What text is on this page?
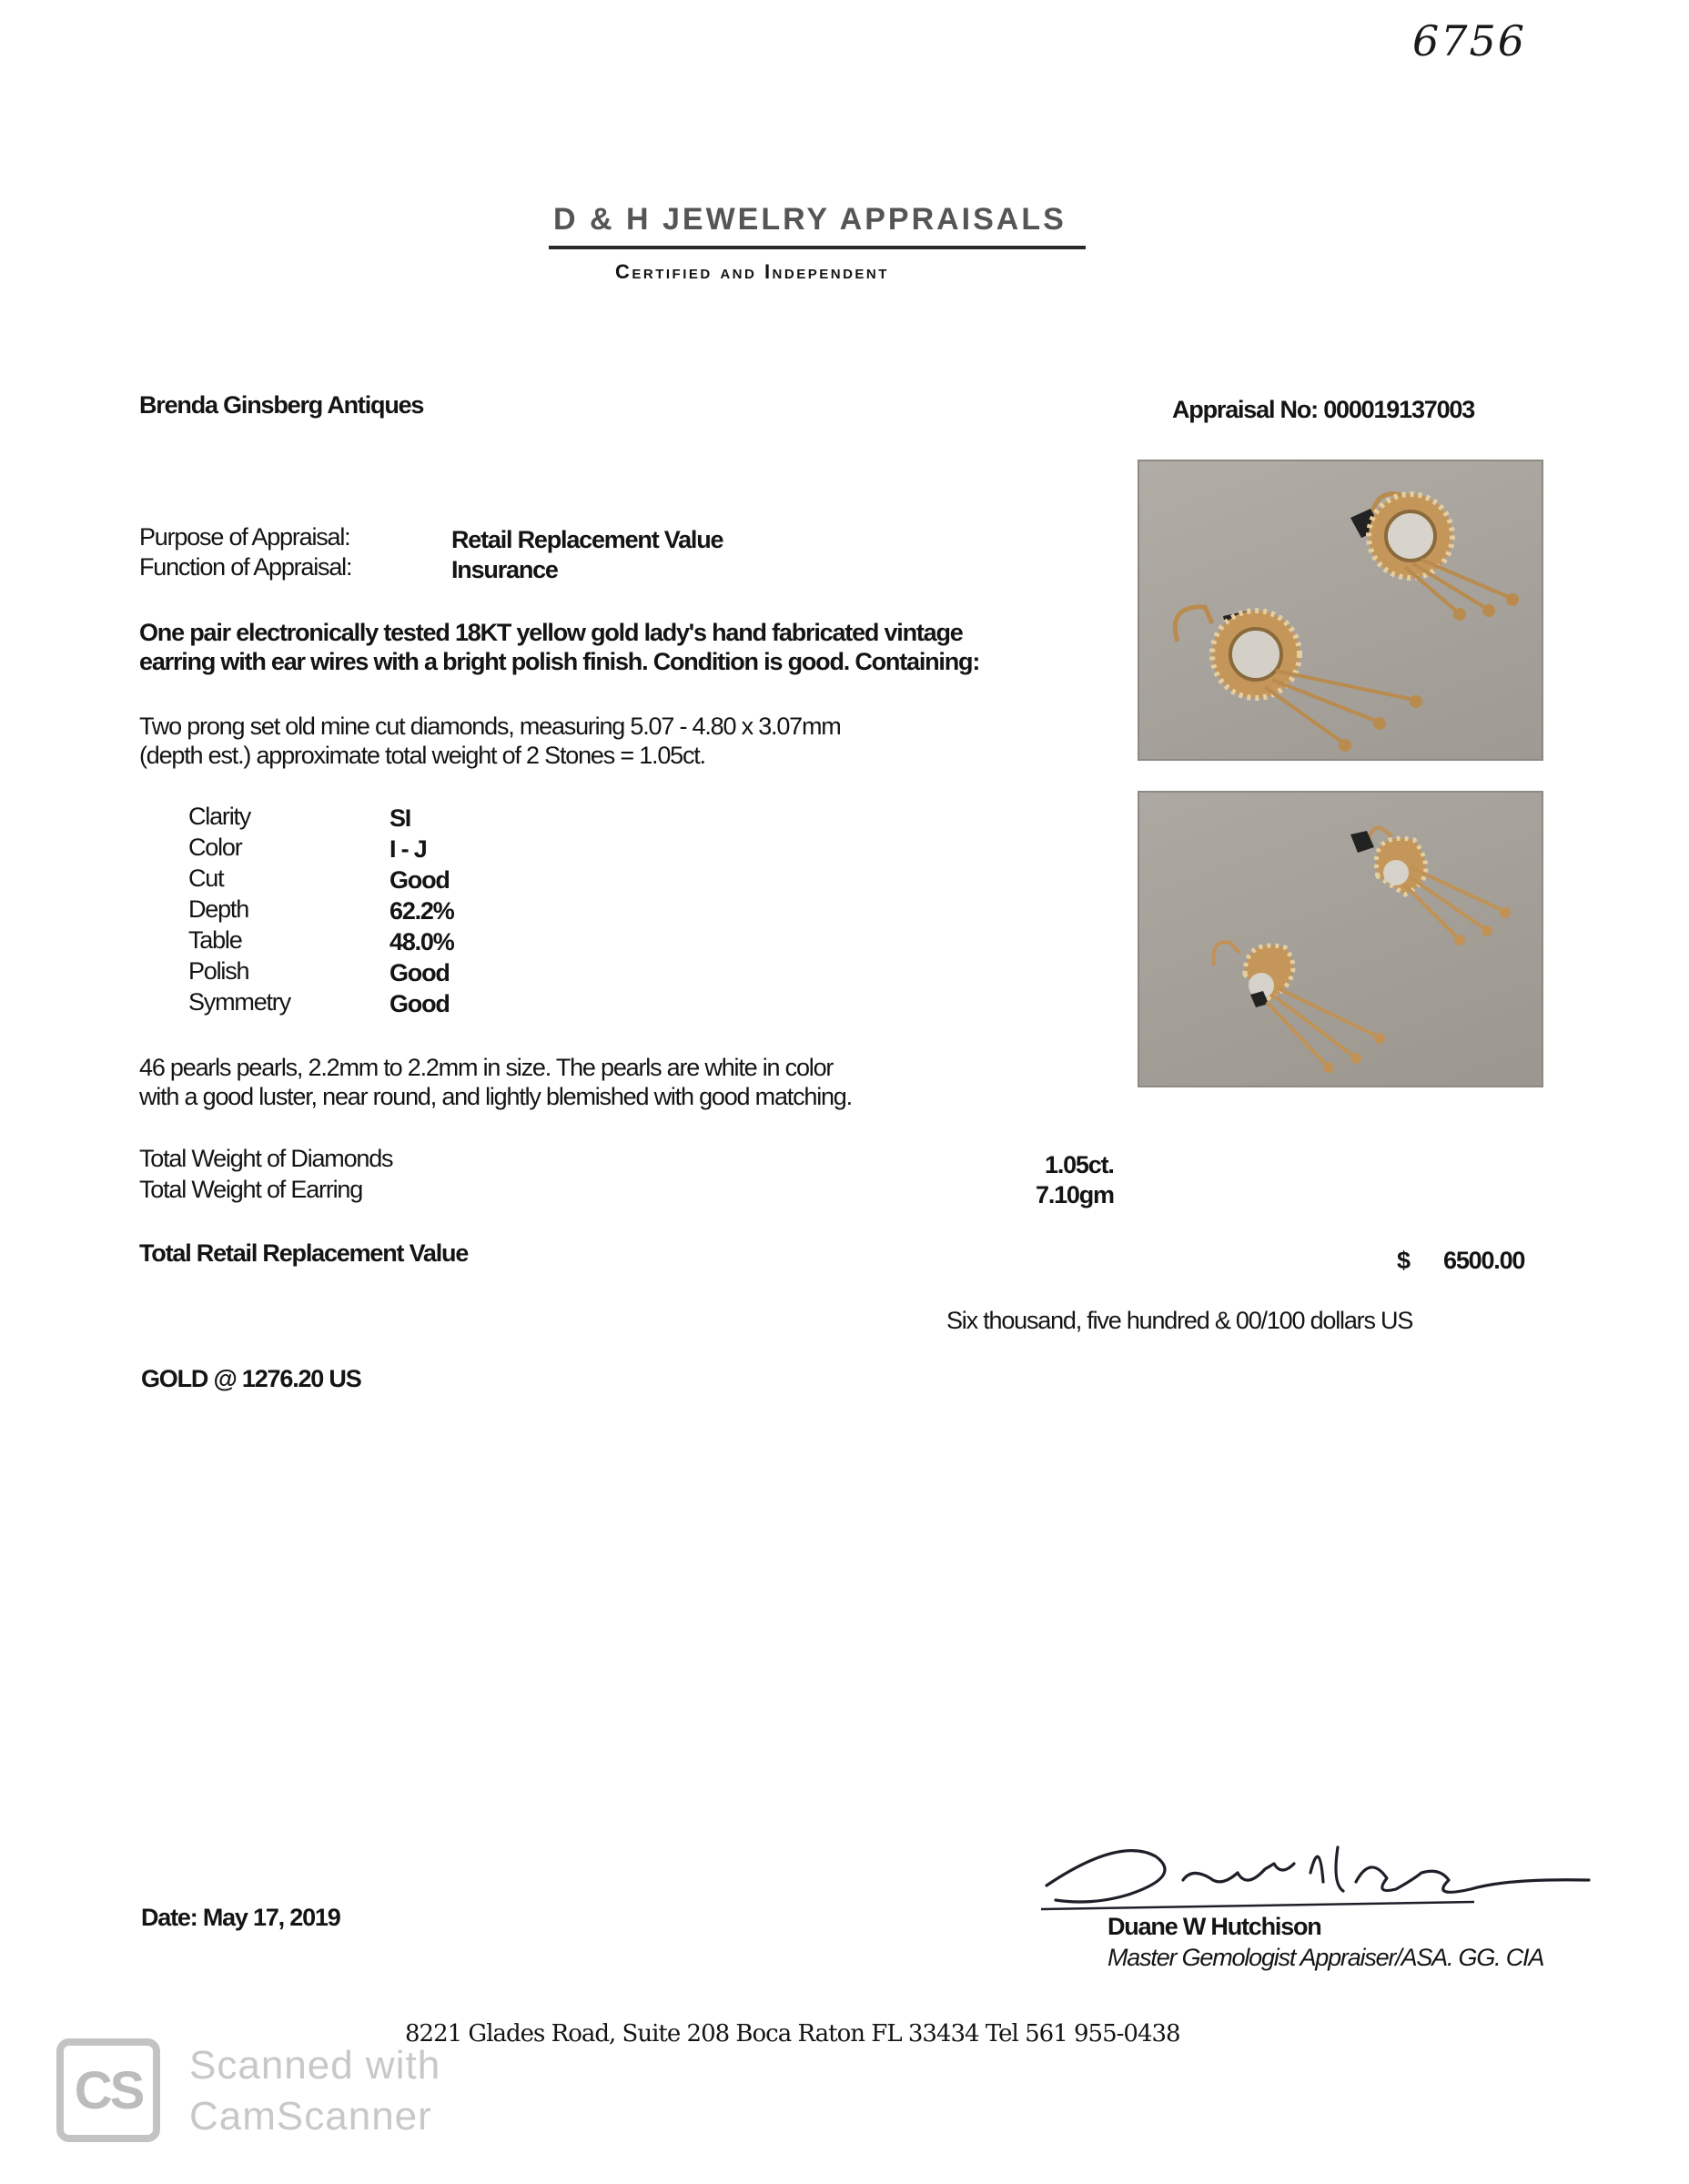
6756
D & H JEWELRY APPRAISALS
Certified and Independent
Brenda Ginsberg Antiques	Appraisal No: 000019137003
Purpose of Appraisal:	Retail Replacement Value
Function of Appraisal:	Insurance
One pair electronically tested 18KT yellow gold lady's hand fabricated vintage
earring with ear wires with a bright polish finish. Condition is good. Containing:
Two prong set old mine cut diamonds, measuring 5.07 - 4.80 x 3.07mm
(depth est.) approximate total weight of 2 Stones = 1.05ct.
Clarity	SI
Color	I - J
Cut	Good
Depth	62.2%
Table	48.0%
Polish	Good
Symmetry	Good
46 pearls pearls, 2.2mm to 2.2mm in size. The pearls are white in color
with a good luster, near round, and lightly blemished with good matching.
Total Weight of Diamonds	1.05ct.
Total Weight of Earring	7.10gm
Total Retail Replacement Value	$ 6500.00
Six thousand, five hundred & 00/100 dollars US
GOLD @ 1276.20 US
Duane W Hutchison
Master Gemologist Appraiser/ASA. GG. CIA
Date: May 17, 2019
8221 Glades Road, Suite 208 Boca Raton FL 33434 Tel 561 955-0438
CS	Scanned with
CamScanner
